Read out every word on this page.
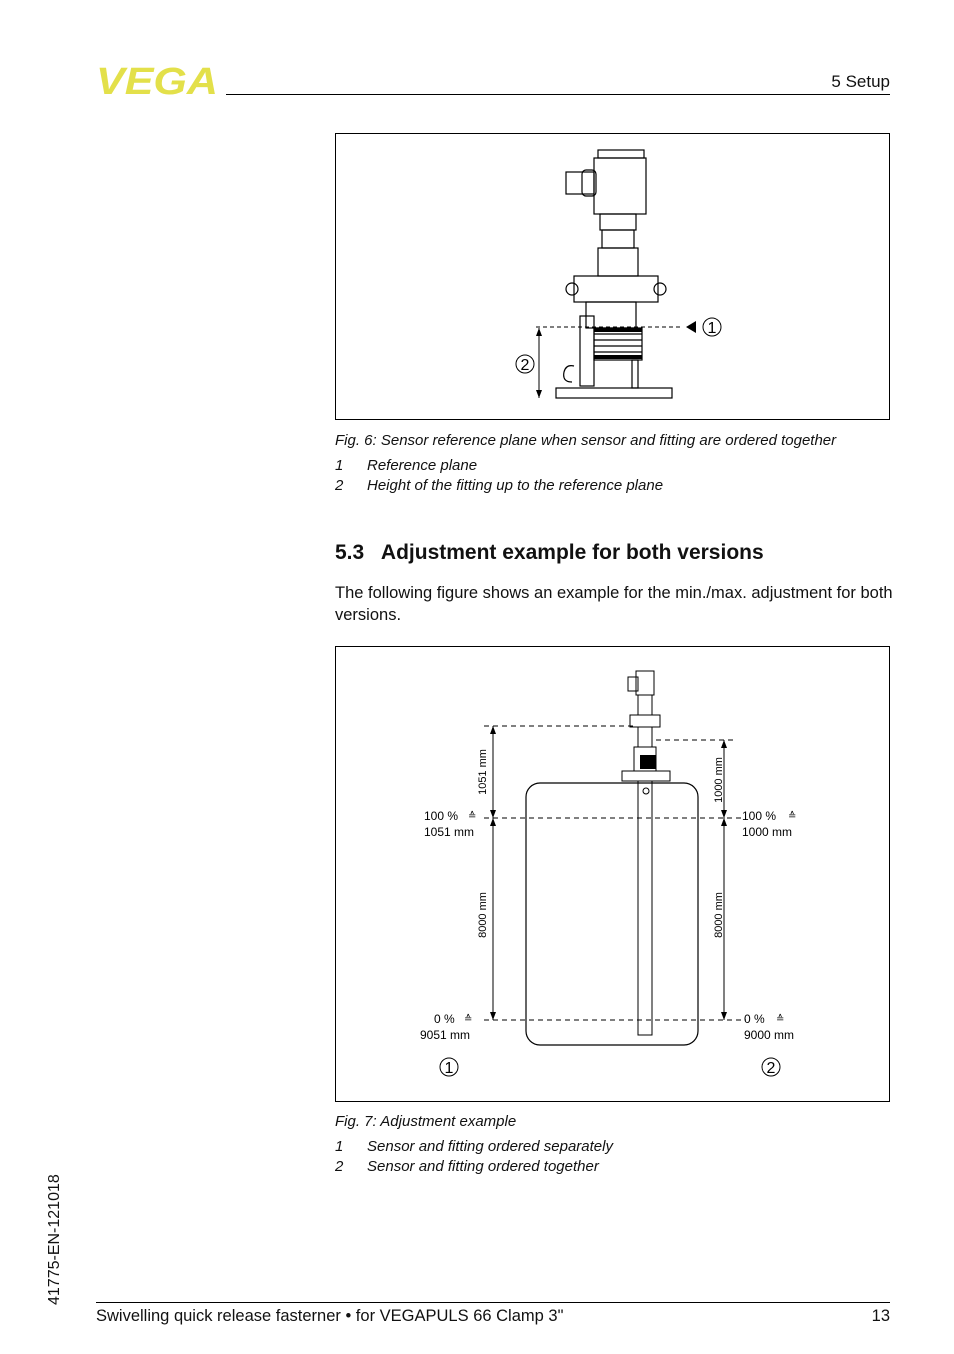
VEGA	5 Setup
1
2
Fig. 6: Sensor reference plane when sensor and fitting are ordered together
1 Reference plane
2 Height of the fitting up to the reference plane
5.3   Adjustment example for both versions
The following figure shows an example for the min./max. adjustment for both versions.
1051 mm
8000 mm
1000 mm
8000 mm
100 % ≙
1051 mm
0 % ≙
9051 mm
100 % ≙
1000 mm
0 % ≙
9000 mm
1	2
Fig. 7: Adjustment example
1 Sensor and fitting ordered separately
2 Sensor and fitting ordered together
41775-EN-121018
Swivelling quick release fasterner • for VEGAPULS 66 Clamp 3"	13
